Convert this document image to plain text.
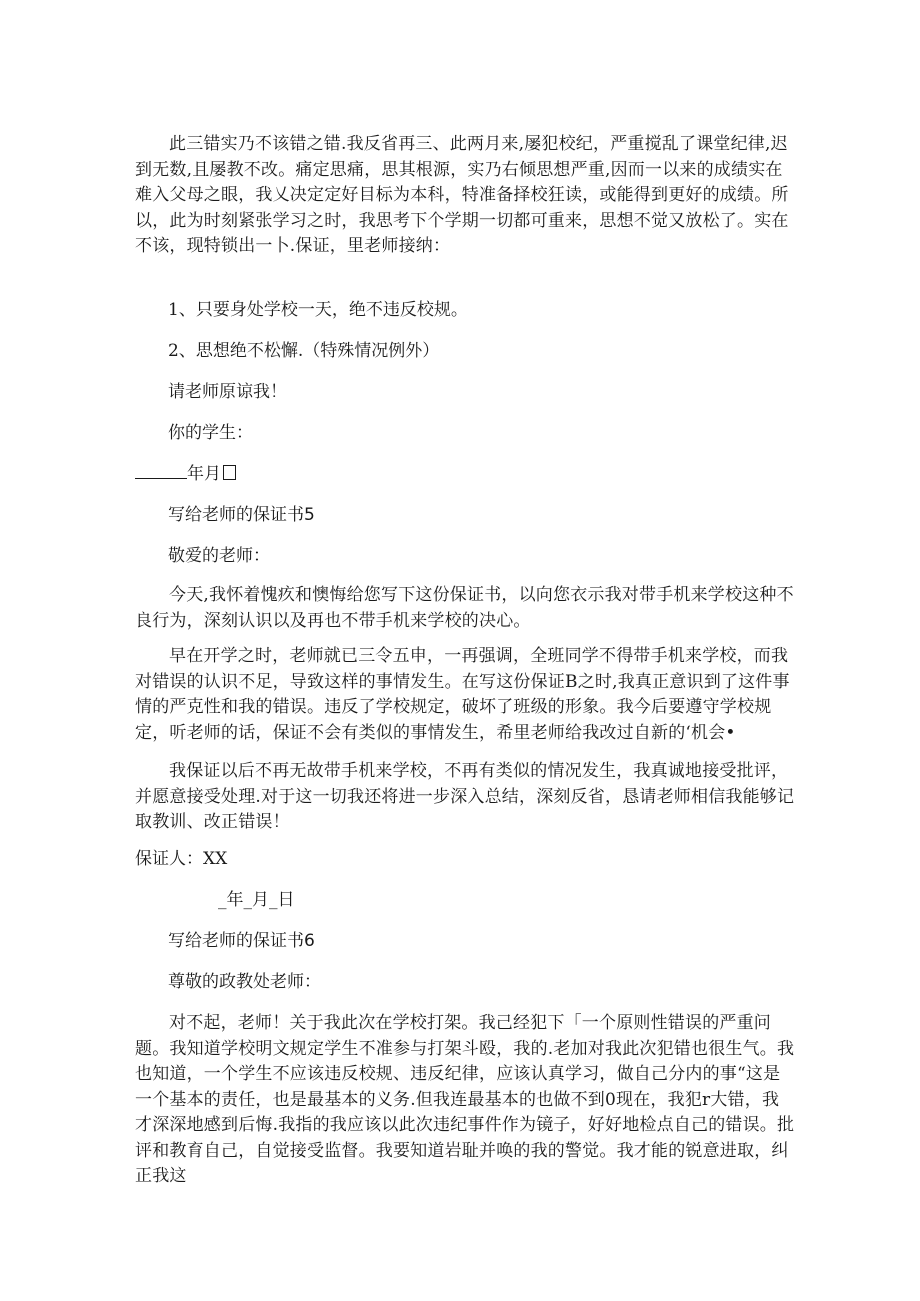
此三错实乃不该错之错.我反省再三、此两月来,屡犯校纪，严重搅乱了课堂纪律,迟到无数,且屡教不改。痛定思痛，思其根源，实乃右倾思想严重,因而一以来的成绩实在难入父母之眼，我乂决定定好目标为本科，特准备择校狂读，或能得到更好的成绩。所以，此为时刻紧张学习之时，我思考下个学期一切都可重来，思想不觉又放松了。实在不该，现特锁出一卜.保证，里老师接纳：

1、只要身处学校一天，绝不违反校规。

2、思想绝不松懈.（特殊情况例外）

请老师原谅我！

你的学生：

年月

写给老师的保证书5

敬爱的老师：

今天,我怀着愧疚和懊悔给您写下这份保证书，以向您衣示我对带手机来学校这种不良行为，深刻认识以及再也不带手机来学校的决心。

早在开学之时，老师就已三令五申，一再强调，全班同学不得带手机来学校，而我对错误的认识不足，导致这样的事情发生。在写这份保证B之时,我真正意识到了这件事情的严克性和我的错误。违反了学校规定，破坏了班级的形象。我今后要遵守学校规定，听老师的话，保证不会有类似的事情发生，希里老师给我改过自新的‘机会•

我保证以后不再无故带手机来学校，不再有类似的情况发生，我真诚地接受批评，并愿意接受处理.对于这一切我还将进一步深入总结，深刻反省，恳请老师相信我能够记取教训、改正错误！

保证人：XX

_年_月_日

写给老师的保证书6

尊敬的政教处老师：

对不起，老师！关于我此次在学校打架。我己经犯下「一个原则性错误的严重问题。我知道学校明文规定学生不准参与打架斗殴，我的.老加对我此次犯错也很生气。我也知道，一个学生不应该违反校规、违反纪律，应该认真学习，做自己分内的事“这是一个基本的责任，也是最基本的义务.但我连最基本的也做不到0现在，我犯r大错，我才深深地感到后悔.我指的我应该以此次违纪事件作为镜子，好好地检点自己的错误。批评和教育自己，自觉接受监督。我要知道岩耻并唤的我的警觉。我才能的锐意进取，纠正我这
